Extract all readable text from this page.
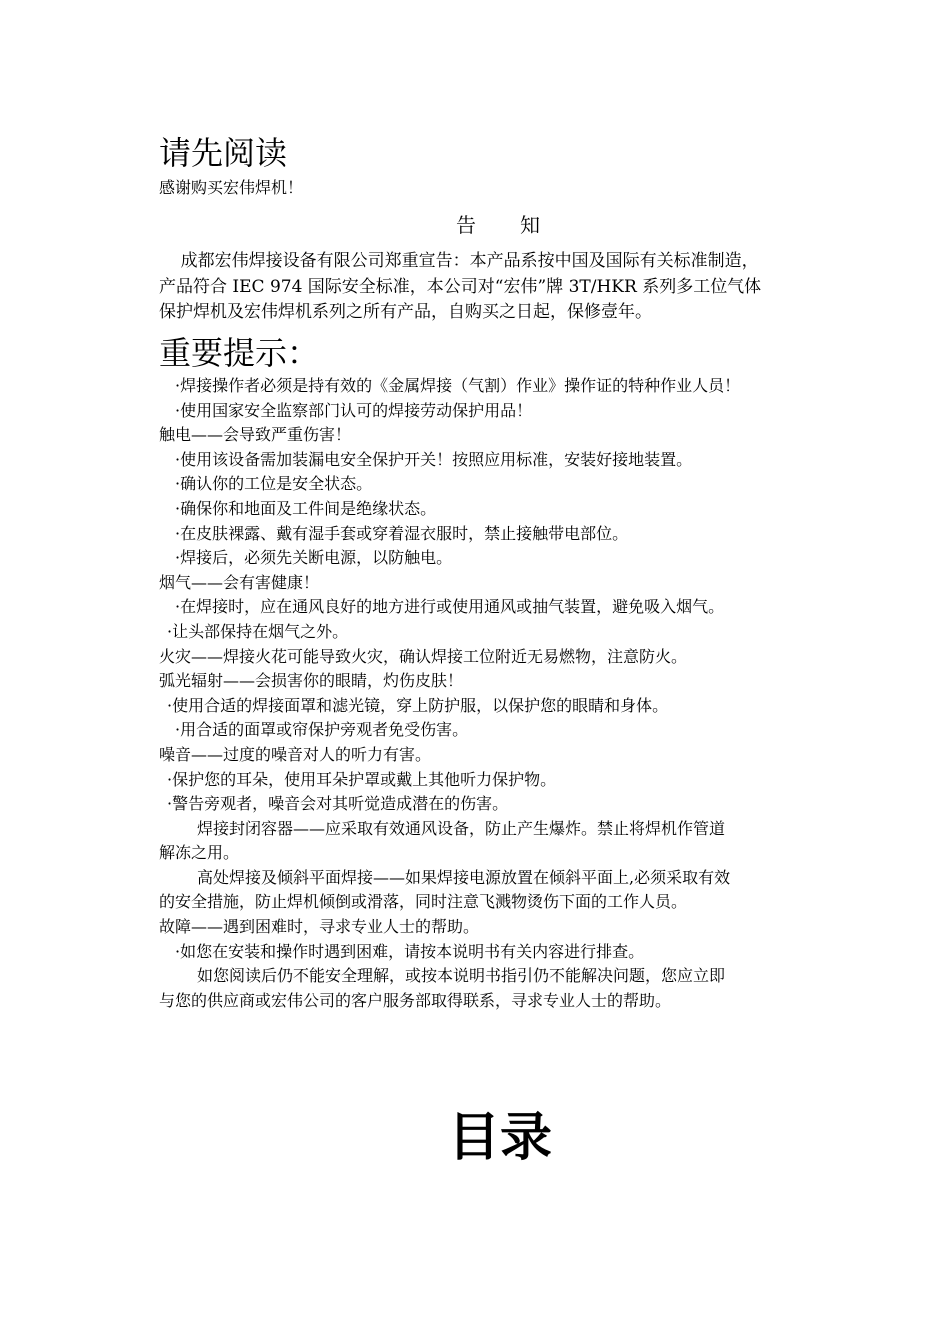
请先阅读
感谢购买宏伟焊机！
告 知
成都宏伟焊接设备有限公司郑重宣告：本产品系按中国及国际有关标准制造，
产品符合 IEC 974 国际安全标准，本公司对“宏伟”牌 3T/HKR 系列多工位气体
保护焊机及宏伟焊机系列之所有产品，自购买之日起，保修壹年。
重要提示：
·焊接操作者必须是持有效的《金属焊接（气割）作业》操作证的特种作业人员！
·使用国家安全监察部门认可的焊接劳动保护用品！
触电——会导致严重伤害！
·使用该设备需加装漏电安全保护开关！按照应用标准，安装好接地装置。
·确认你的工位是安全状态。
·确保你和地面及工件间是绝缘状态。
·在皮肤裸露、戴有湿手套或穿着湿衣服时，禁止接触带电部位。
·焊接后，必须先关断电源，以防触电。
烟气——会有害健康！
·在焊接时，应在通风良好的地方进行或使用通风或抽气装置，避免吸入烟气。
·让头部保持在烟气之外。
火灾——焊接火花可能导致火灾，确认焊接工位附近无易燃物，注意防火。
弧光辐射——会损害你的眼睛，灼伤皮肤！
·使用合适的焊接面罩和滤光镜，穿上防护服，以保护您的眼睛和身体。
·用合适的面罩或帘保护旁观者免受伤害。
噪音——过度的噪音对人的听力有害。
·保护您的耳朵，使用耳朵护罩或戴上其他听力保护物。
·警告旁观者，噪音会对其听觉造成潜在的伤害。
焊接封闭容器——应采取有效通风设备，防止产生爆炸。禁止将焊机作管道
解冻之用。
高处焊接及倾斜平面焊接——如果焊接电源放置在倾斜平面上,必须采取有效
的安全措施，防止焊机倾倒或滑落，同时注意飞溅物烫伤下面的工作人员。
故障——遇到困难时，寻求专业人士的帮助。
·如您在安装和操作时遇到困难，请按本说明书有关内容进行排查。
如您阅读后仍不能安全理解，或按本说明书指引仍不能解决问题，您应立即
与您的供应商或宏伟公司的客户服务部取得联系，寻求专业人士的帮助。
目录
